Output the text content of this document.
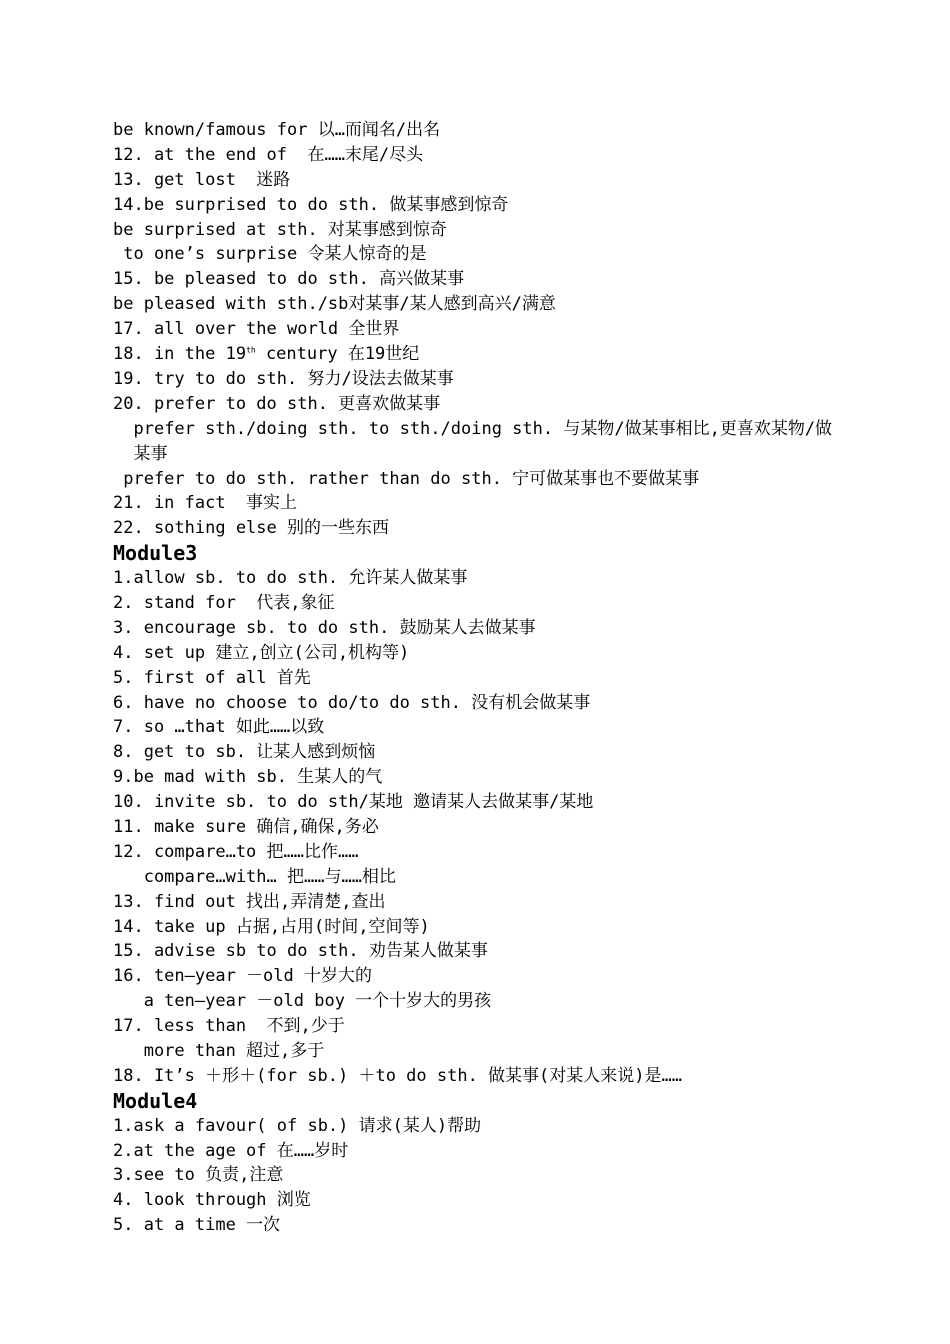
be known/famous for 以…而闻名/出名
12. at the end of  在……末尾/尽头
13. get lost  迷路
14.be surprised to do sth. 做某事感到惊奇
be surprised at sth. 对某事感到惊奇
to one’s surprise 令某人惊奇的是
15. be pleased to do sth. 高兴做某事
be pleased with sth./sb对某事/某人感到高兴/满意
17. all over the world 全世界
18. in the 19th century 在19世纪
19. try to do sth. 努力/设法去做某事
20. prefer to do sth. 更喜欢做某事
prefer sth./doing sth. to sth./doing sth. 与某物/做某事相比,更喜欢某物/做
某事
prefer to do sth. rather than do sth. 宁可做某事也不要做某事
21. in fact  事实上
22. sothing else 别的一些东西
Module3
1.allow sb. to do sth. 允许某人做某事
2. stand for  代表,象征
3. encourage sb. to do sth. 鼓励某人去做某事
4. set up 建立,创立(公司,机构等)
5. first of all 首先
6. have no choose to do/to do sth. 没有机会做某事
7. so …that 如此……以致
8. get to sb. 让某人感到烦恼
9.be mad with sb. 生某人的气
10. invite sb. to do sth/某地 邀请某人去做某事/某地
11. make sure 确信,确保,务必
12. compare…to 把……比作……
compare…with… 把……与……相比
13. find out 找出,弄清楚,查出
14. take up 占据,占用(时间,空间等)
15. advise sb to do sth. 劝告某人做某事
16. ten—year －old 十岁大的
a ten—year －old boy 一个十岁大的男孩
17. less than  不到,少于
more than 超过,多于
18. It’s ＋形＋(for sb.) ＋to do sth. 做某事(对某人来说)是……
Module4
1.ask a favour( of sb.) 请求(某人)帮助
2.at the age of 在……岁时
3.see to 负责,注意
4. look through 浏览
5. at a time 一次
